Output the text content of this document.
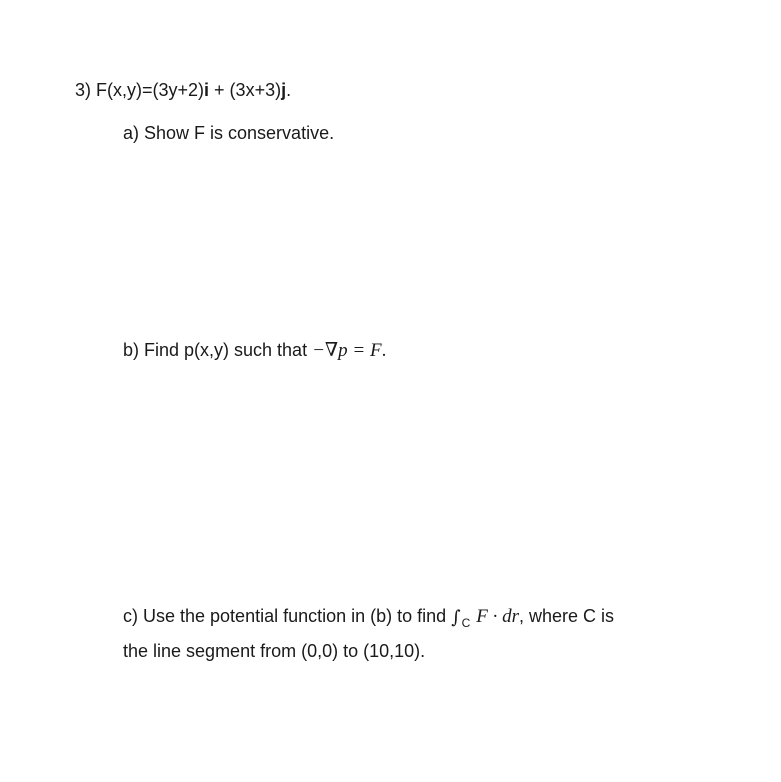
3) F(x,y)=(3y+2)i + (3x+3)j.
a) Show F is conservative.
b) Find p(x,y) such that −∇p = F.
c) Use the potential function in (b) to find $\int_C$ F · dr, where C is
the line segment from (0,0) to (10,10).
